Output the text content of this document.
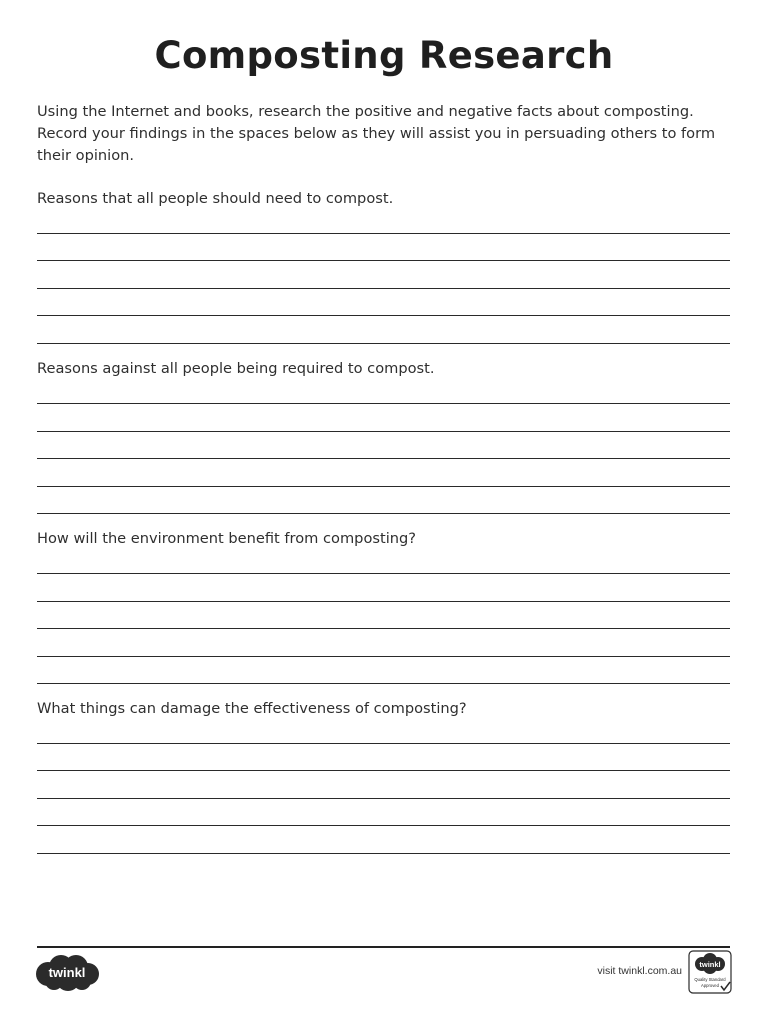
Composting Research
Using the Internet and books, research the positive and negative facts about composting. Record your findings in the spaces below as they will assist you in persuading others to form their opinion.
Reasons that all people should need to compost.
Reasons against all people being required to compost.
How will the environment benefit from composting?
What things can damage the effectiveness of composting?
twinkl	visit twinkl.com.au
twinkl
Quality Standard
Approved
